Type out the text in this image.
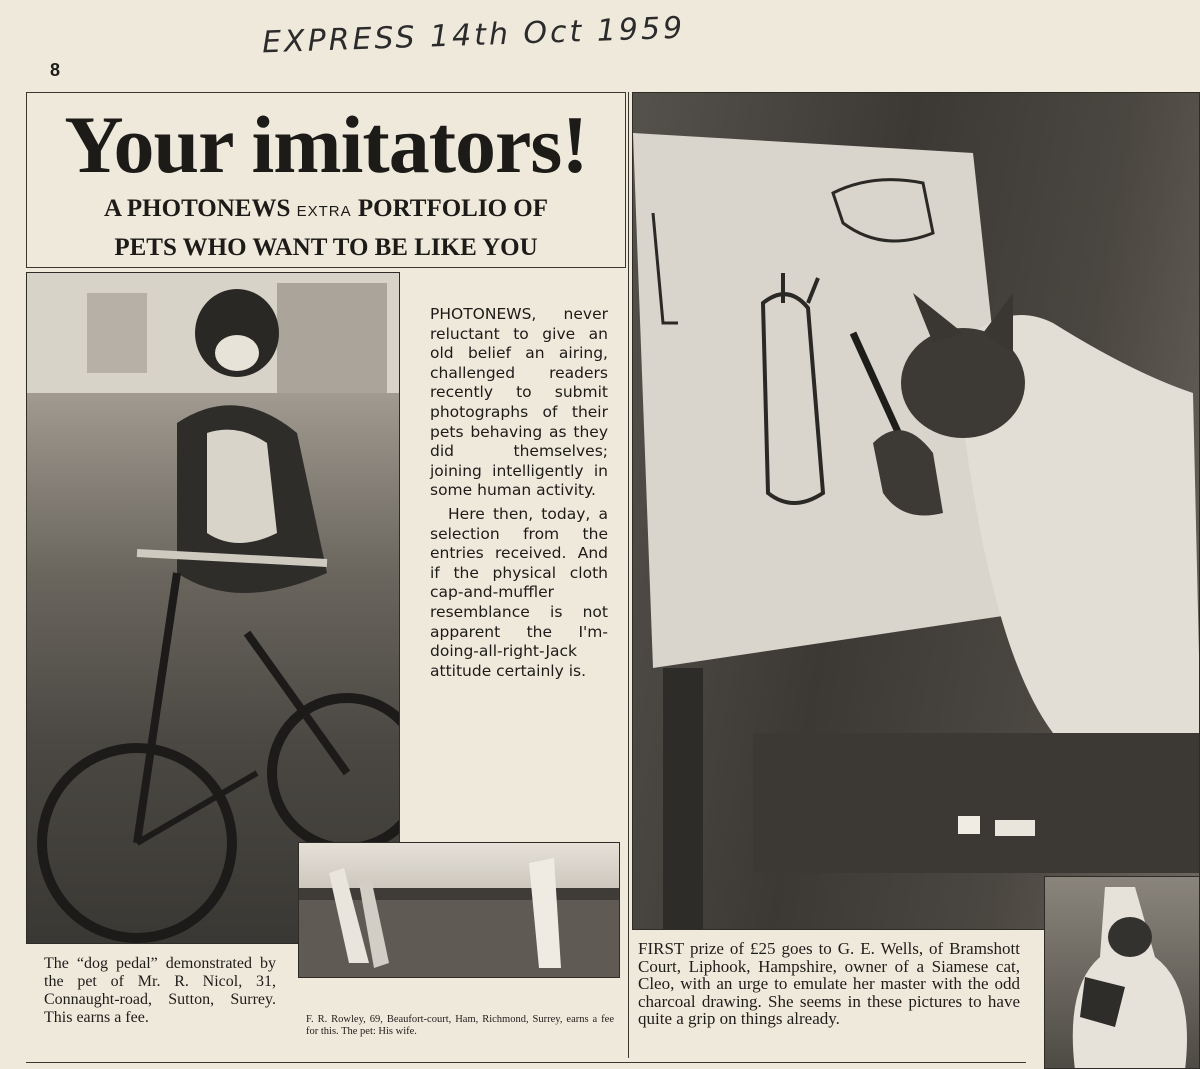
EXPRESS 14th Oct 1959
8
Your imitators!
A PHOTONEWS EXTRA PORTFOLIO OF
PETS WHO WANT TO BE LIKE YOU

PHOTONEWS, never reluctant to give an old belief an airing, challenged readers recently to submit photographs of their pets behaving as they did themselves; joining intelligently in some human activity.

Here then, today, a selection from the entries received. And if the physical cloth cap-and-muffler resemblance is not apparent the I'm-doing-all-right-Jack attitude certainly is.

The “dog pedal” demonstrated by the pet of Mr. R. Nicol, 31, Connaught-road, Sutton, Surrey. This earns a fee.	F. R. Rowley, 69, Beaufort-court, Ham, Richmond, Surrey, earns a fee for this. The pet: His wife.
FIRST prize of £25 goes to G. E. Wells, of Bramshott Court, Liphook, Hampshire, owner of a Siamese cat, Cleo, with an urge to emulate her master with the odd charcoal drawing. She seems in these pictures to have quite a grip on things already.
